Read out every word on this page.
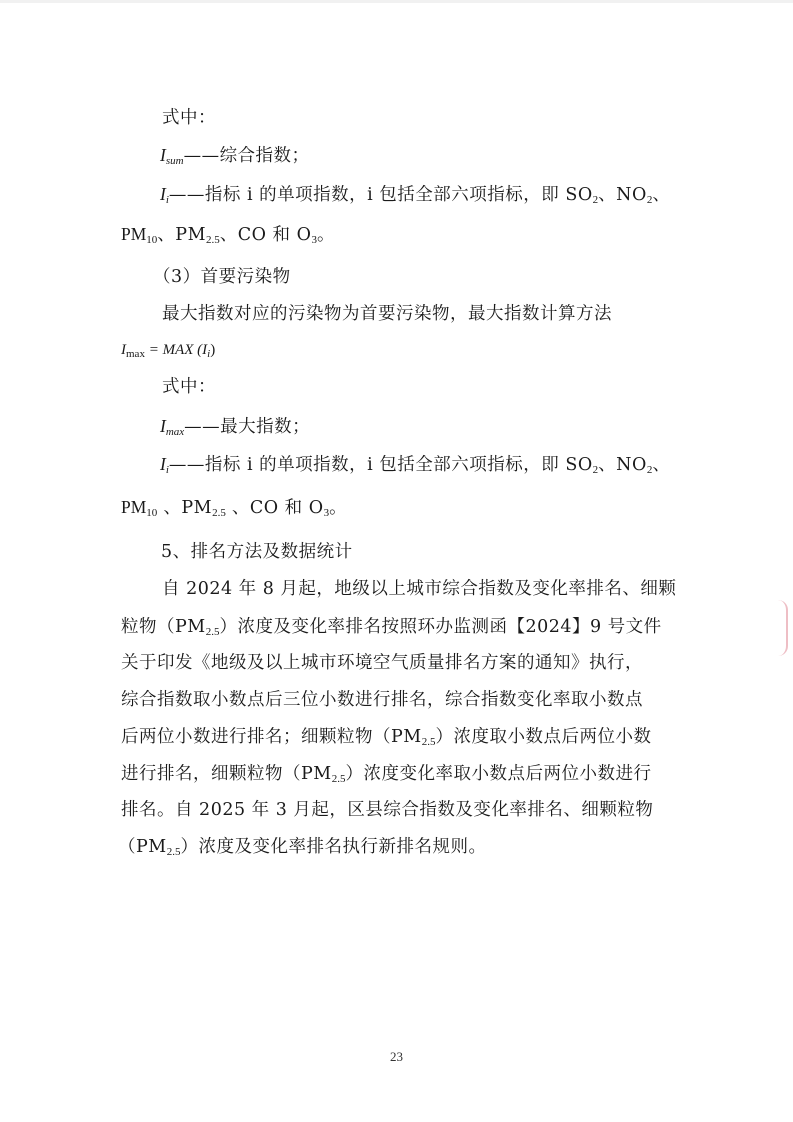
式中：
$I_{sum}——$综合指数；
$I_i——$指标 i 的单项指数，i 包括全部六项指标，即 $SO_2$、$NO_2$、
$PM_{10}$、$PM_{2.5}$、CO 和 $O_3$。
（3）首要污染物
最大指数对应的污染物为首要污染物，最大指数计算方法
$I_{max}$ = MAX $(I_i)$
式中：
$I_{max}——$最大指数；
$I_i——$指标 i 的单项指数，i 包括全部六项指标，即 $SO_2$、$NO_2$、
$PM_{10}$ 、$PM_{2.5}$ 、CO 和 $O_3$。
5、排名方法及数据统计
自 2024 年 8 月起，地级以上城市综合指数及变化率排名、细颗
粒物$(PM_{2.5})$浓度及变化率排名按照环办监测函【2024】9 号文件
关于印发《地级及以上城市环境空气质量排名方案的通知》执行，
综合指数取小数点后三位小数进行排名，综合指数变化率取小数点
后两位小数进行排名；细颗粒物$(PM_{2.5})$浓度取小数点后两位小数
进行排名，细颗粒物$(PM_{2.5})$浓度变化率取小数点后两位小数进行
排名。自 2025 年 3 月起，区县综合指数及变化率排名、细颗粒物
$(PM_{2.5})$浓度及变化率排名执行新排名规则。
23
